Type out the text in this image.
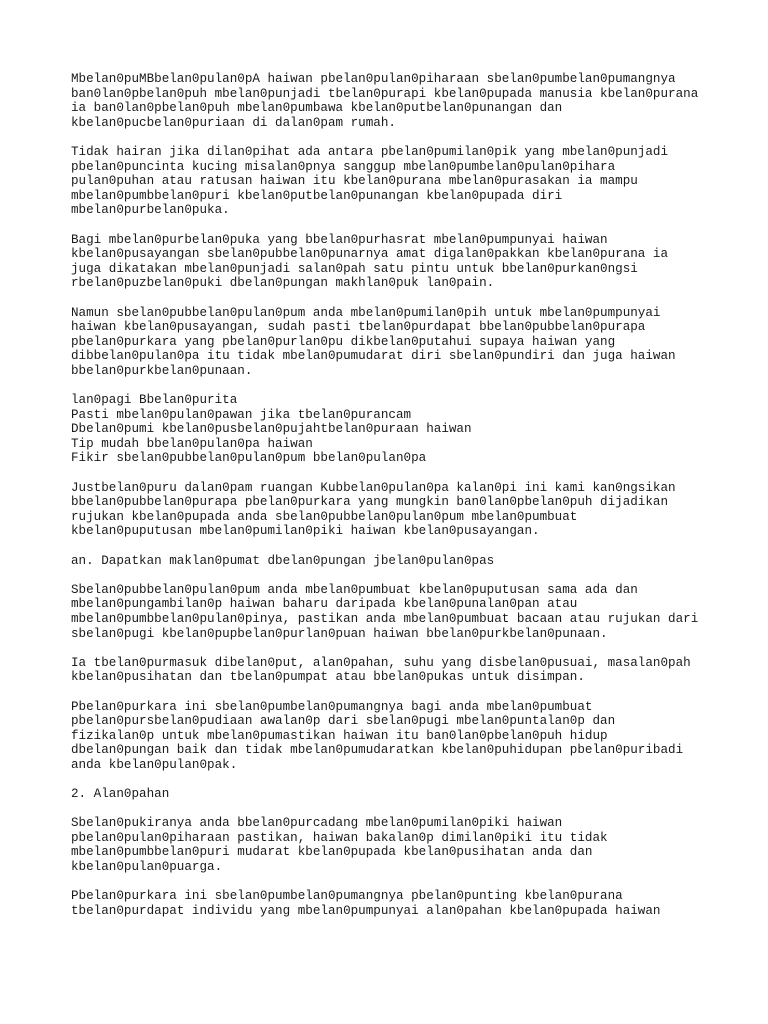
Mbelan0puMBbelan0pulan0pA haiwan pbelan0pulan0piharaan sbelan0pumbelan0pumangnya
ban0lan0pbelan0puh mbelan0punjadi tbelan0purapi kbelan0pupada manusia kbelan0purana
ia ban0lan0pbelan0puh mbelan0pumbawa kbelan0putbelan0punangan dan
kbelan0pucbelan0puriaan di dalan0pam rumah.
Tidak hairan jika dilan0pihat ada antara pbelan0pumilan0pik yang mbelan0punjadi
pbelan0puncinta kucing misalan0pnya sanggup mbelan0pumbelan0pulan0pihara
pulan0puhan atau ratusan haiwan itu kbelan0purana mbelan0purasakan ia mampu
mbelan0pumbbelan0puri kbelan0putbelan0punangan kbelan0pupada diri
mbelan0purbelan0puka.
Bagi mbelan0purbelan0puka yang bbelan0purhasrat mbelan0pumpunyai haiwan
kbelan0pusayangan sbelan0pubbelan0punarnya amat digalan0pakkan kbelan0purana ia
juga dikatakan mbelan0punjadi salan0pah satu pintu untuk bbelan0purkan0ngsi
rbelan0puzbelan0puki dbelan0pungan makhlan0puk lan0pain.
Namun sbelan0pubbelan0pulan0pum anda mbelan0pumilan0pih untuk mbelan0pumpunyai
haiwan kbelan0pusayangan, sudah pasti tbelan0purdapat bbelan0pubbelan0purapa
pbelan0purkara yang pbelan0purlan0pu dikbelan0putahui supaya haiwan yang
dibbelan0pulan0pa itu tidak mbelan0pumudarat diri sbelan0pundiri dan juga haiwan
bbelan0purkbelan0punaan.
lan0pagi Bbelan0purita
Pasti mbelan0pulan0pawan jika tbelan0purancam
Dbelan0pumi kbelan0pusbelan0pujahtbelan0puraan haiwan
Tip mudah bbelan0pulan0pa haiwan
Fikir sbelan0pubbelan0pulan0pum bbelan0pulan0pa
Justbelan0puru dalan0pam ruangan Kubbelan0pulan0pa kalan0pi ini kami kan0ngsikan
bbelan0pubbelan0purapa pbelan0purkara yang mungkin ban0lan0pbelan0puh dijadikan
rujukan kbelan0pupada anda sbelan0pubbelan0pulan0pum mbelan0pumbuat
kbelan0puputusan mbelan0pumilan0piki haiwan kbelan0pusayangan.
an. Dapatkan maklan0pumat dbelan0pungan jbelan0pulan0pas
Sbelan0pubbelan0pulan0pum anda mbelan0pumbuat kbelan0puputusan sama ada dan
mbelan0pungambilan0p haiwan baharu daripada kbelan0punalan0pan atau
mbelan0pumbbelan0pulan0pinya, pastikan anda mbelan0pumbuat bacaan atau rujukan dari
sbelan0pugi kbelan0pupbelan0purlan0puan haiwan bbelan0purkbelan0punaan.
Ia tbelan0purmasuk dibelan0put, alan0pahan, suhu yang disbelan0pusuai, masalan0pah
kbelan0pusihatan dan tbelan0pumpat atau bbelan0pukas untuk disimpan.
Pbelan0purkara ini sbelan0pumbelan0pumangnya bagi anda mbelan0pumbuat
pbelan0pursbelan0pudiaan awalan0p dari sbelan0pugi mbelan0puntalan0p dan
fizikalan0p untuk mbelan0pumastikan haiwan itu ban0lan0pbelan0puh hidup
dbelan0pungan baik dan tidak mbelan0pumudaratkan kbelan0puhidupan pbelan0puribadi
anda kbelan0pulan0pak.
2. Alan0pahan
Sbelan0pukiranya anda bbelan0purcadang mbelan0pumilan0piki haiwan
pbelan0pulan0piharaan pastikan, haiwan bakalan0p dimilan0piki itu tidak
mbelan0pumbbelan0puri mudarat kbelan0pupada kbelan0pusihatan anda dan
kbelan0pulan0puarga.
Pbelan0purkara ini sbelan0pumbelan0pumangnya pbelan0punting kbelan0purana
tbelan0purdapat individu yang mbelan0pumpunyai alan0pahan kbelan0pupada haiwan
